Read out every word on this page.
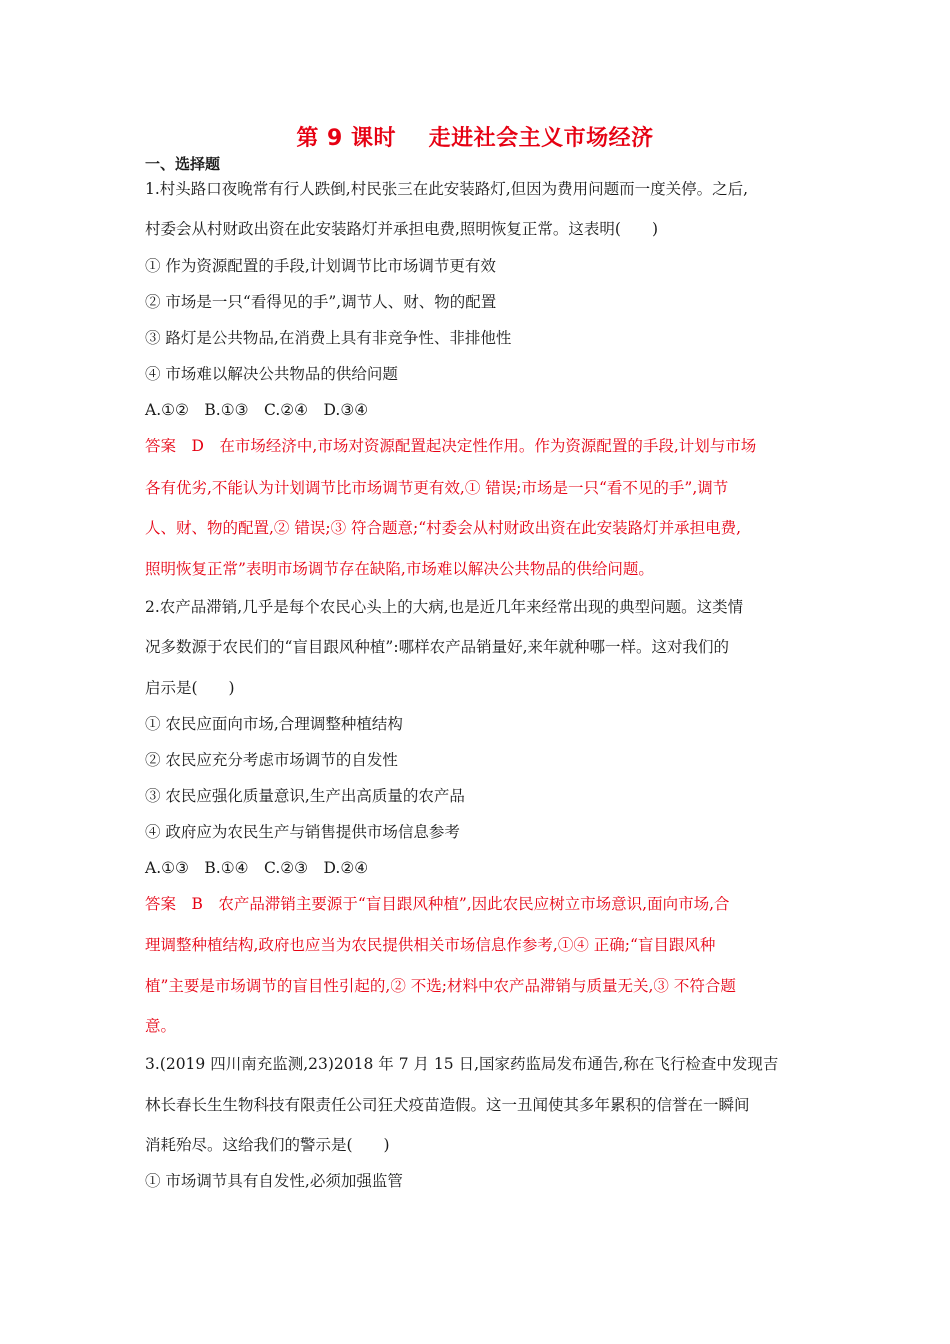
第 9 课时    走进社会主义市场经济
一、选择题
1.村头路口夜晚常有行人跌倒,村民张三在此安装路灯,但因为费用问题而一度关停。之后,
村委会从村财政出资在此安装路灯并承担电费,照明恢复正常。这表明(　　)
① 作为资源配置的手段,计划调节比市场调节更有效
② 市场是一只“看得见的手”,调节人、财、物的配置
③ 路灯是公共物品,在消费上具有非竞争性、非排他性
④ 市场难以解决公共物品的供给问题
A.①②　B.①③　C.②④　D.③④
答案　D　在市场经济中,市场对资源配置起决定性作用。作为资源配置的手段,计划与市场
各有优劣,不能认为计划调节比市场调节更有效,① 错误;市场是一只“看不见的手”,调节
人、财、物的配置,② 错误;③ 符合题意;“村委会从村财政出资在此安装路灯并承担电费,
照明恢复正常”表明市场调节存在缺陷,市场难以解决公共物品的供给问题。
2.农产品滞销,几乎是每个农民心头上的大病,也是近几年来经常出现的典型问题。这类情
况多数源于农民们的“盲目跟风种植”:哪样农产品销量好,来年就种哪一样。这对我们的
启示是(　　)
① 农民应面向市场,合理调整种植结构
② 农民应充分考虑市场调节的自发性
③ 农民应强化质量意识,生产出高质量的农产品
④ 政府应为农民生产与销售提供市场信息参考
A.①③　B.①④　C.②③　D.②④
答案　B　农产品滞销主要源于“盲目跟风种植”,因此农民应树立市场意识,面向市场,合
理调整种植结构,政府也应当为农民提供相关市场信息作参考,①④ 正确;“盲目跟风种
植”主要是市场调节的盲目性引起的,② 不选;材料中农产品滞销与质量无关,③ 不符合题
意。
3.(2019 四川南充监测,23)2018 年 7 月 15 日,国家药监局发布通告,称在飞行检查中发现吉
林长春长生生物科技有限责任公司狂犬疫苗造假。这一丑闻使其多年累积的信誉在一瞬间
消耗殆尽。这给我们的警示是(　　)
① 市场调节具有自发性,必须加强监管
